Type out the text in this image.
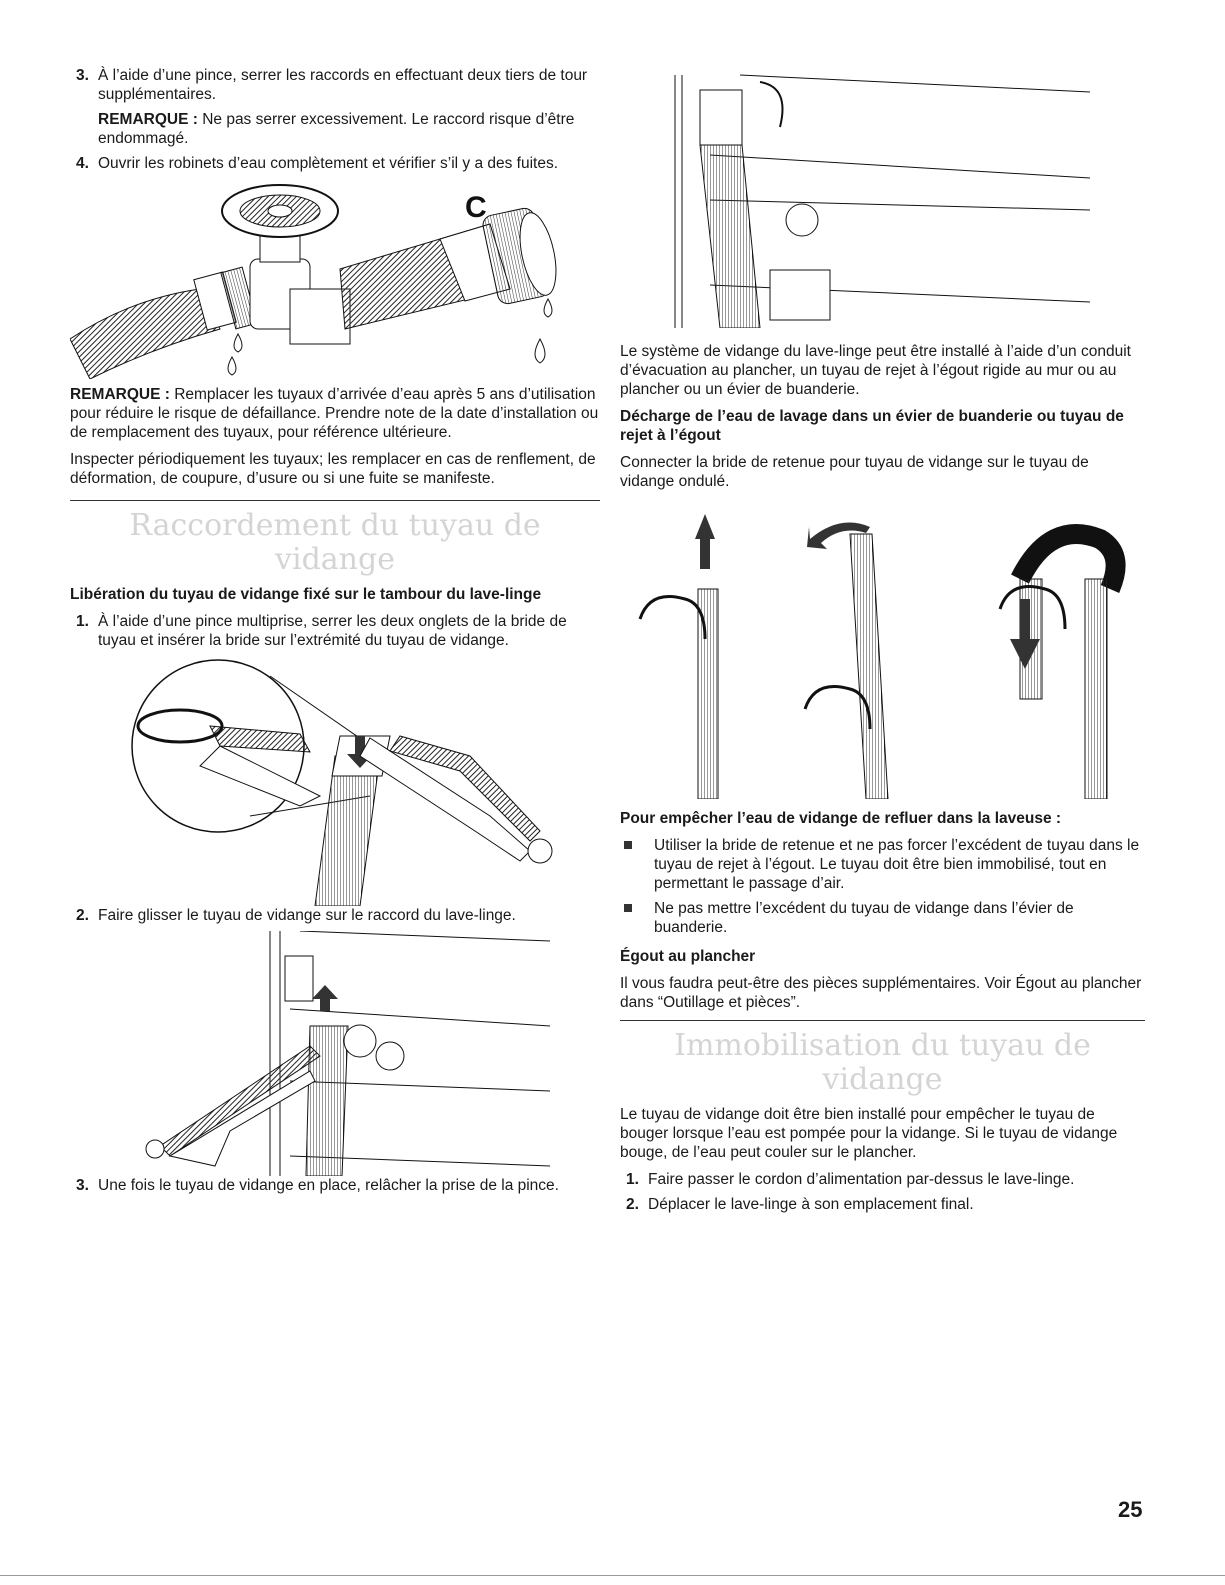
3. À l’aide d’une pince, serrer les raccords en effectuant deux tiers de tour supplémentaires.

REMARQUE : Ne pas serrer excessivement. Le raccord risque d’être endommagé.

4. Ouvrir les robinets d’eau complètement et vérifier s’il y a des fuites.
C

REMARQUE : Remplacer les tuyaux d’arrivée d’eau après 5 ans d’utilisation pour réduire le risque de défaillance. Prendre note de la date d’installation ou de remplacement des tuyaux, pour référence ultérieure.

Inspecter périodiquement les tuyaux; les remplacer en cas de renflement, de déformation, de coupure, d’usure ou si une fuite se manifeste.

Raccordement du tuyau de vidange
Libération du tuyau de vidange fixé sur le tambour du lave-linge
1. À l’aide d’une pince multiprise, serrer les deux onglets de la bride de tuyau et insérer la bride sur l’extrémité du tuyau de vidange.
2. Faire glisser le tuyau de vidange sur le raccord du lave-linge.
3. Une fois le tuyau de vidange en place, relâcher la prise de la pince.

Le système de vidange du lave-linge peut être installé à l’aide d’un conduit d’évacuation au plancher, un tuyau de rejet à l’égout rigide au mur ou au plancher ou un évier de buanderie.

Décharge de l’eau de lavage dans un évier de buanderie ou tuyau de rejet à l’égout

Connecter la bride de retenue pour tuyau de vidange sur le tuyau de vidange ondulé.

Pour empêcher l’eau de vidange de refluer dans la laveuse :
Utiliser la bride de retenue et ne pas forcer l’excédent de tuyau dans le tuyau de rejet à l’égout. Le tuyau doit être bien immobilisé, tout en permettant le passage d’air.
Ne pas mettre l’excédent du tuyau de vidange dans l’évier de buanderie.
Égout au plancher

Il vous faudra peut-être des pièces supplémentaires. Voir Égout au plancher dans “Outillage et pièces”.

Immobilisation du tuyau de vidange

Le tuyau de vidange doit être bien installé pour empêcher le tuyau de bouger lorsque l’eau est pompée pour la vidange. Si le tuyau de vidange bouge, de l’eau peut couler sur le plancher.

1. Faire passer le cordon d’alimentation par-dessus le lave-linge.
2. Déplacer le lave-linge à son emplacement final.
25
